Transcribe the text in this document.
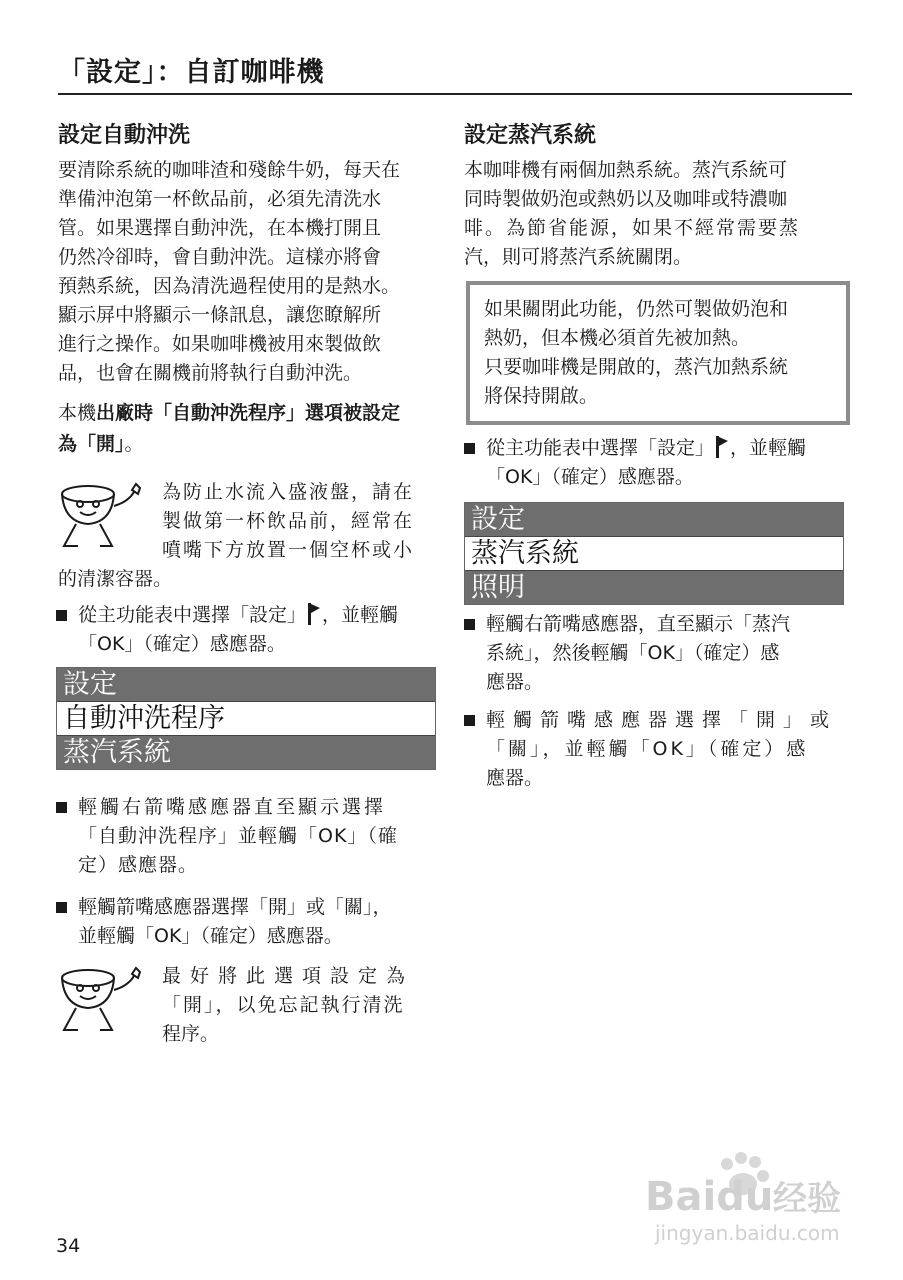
「設定」：自訂咖啡機
設定自動沖洗
要清除系統的咖啡渣和殘餘牛奶，每天在
準備沖泡第一杯飲品前，必須先清洗水
管。如果選擇自動沖洗，在本機打開且
仍然冷卻時，會自動沖洗。這樣亦將會
預熱系統，因為清洗過程使用的是熱水。
顯示屏中將顯示一條訊息，讓您瞭解所
進行之操作。如果咖啡機被用來製做飲
品，也會在關機前將執行自動沖洗。
本機出廠時「自動沖洗程序」選項被設定
為「開」。
為防止水流入盛液盤，請在
製做第一杯飲品前，經常在
噴嘴下方放置一個空杯或小
的清潔容器。
從主功能表中選擇「設定」 ，並輕觸
「OK」（確定）感應器。
設定
自動沖洗程序
蒸汽系統
輕觸右箭嘴感應器直至顯示選擇
「自動沖洗程序」並輕觸「OK」（確
定）感應器。
輕觸箭嘴感應器選擇「開」或「關」，
並輕觸「OK」（確定）感應器。
最好將此選項設定為
「開」，以免忘記執行清洗
程序。
設定蒸汽系統
本咖啡機有兩個加熱系統。蒸汽系統可
同時製做奶泡或熱奶以及咖啡或特濃咖
啡。為節省能源，如果不經常需要蒸
汽，則可將蒸汽系統關閉。
如果關閉此功能，仍然可製做奶泡和
熱奶，但本機必須首先被加熱。
只要咖啡機是開啟的，蒸汽加熱系統
將保持開啟。
從主功能表中選擇「設定」 ，並輕觸
「OK」（確定）感應器。
設定
蒸汽系統
照明
輕觸右箭嘴感應器，直至顯示「蒸汽
系統」，然後輕觸「OK」（確定）感
應器。
輕觸箭嘴感應器選擇「開」或
「關」，並輕觸「OK」（確定）感
應器。
Baidu 经验
jingyan.baidu.com
34
